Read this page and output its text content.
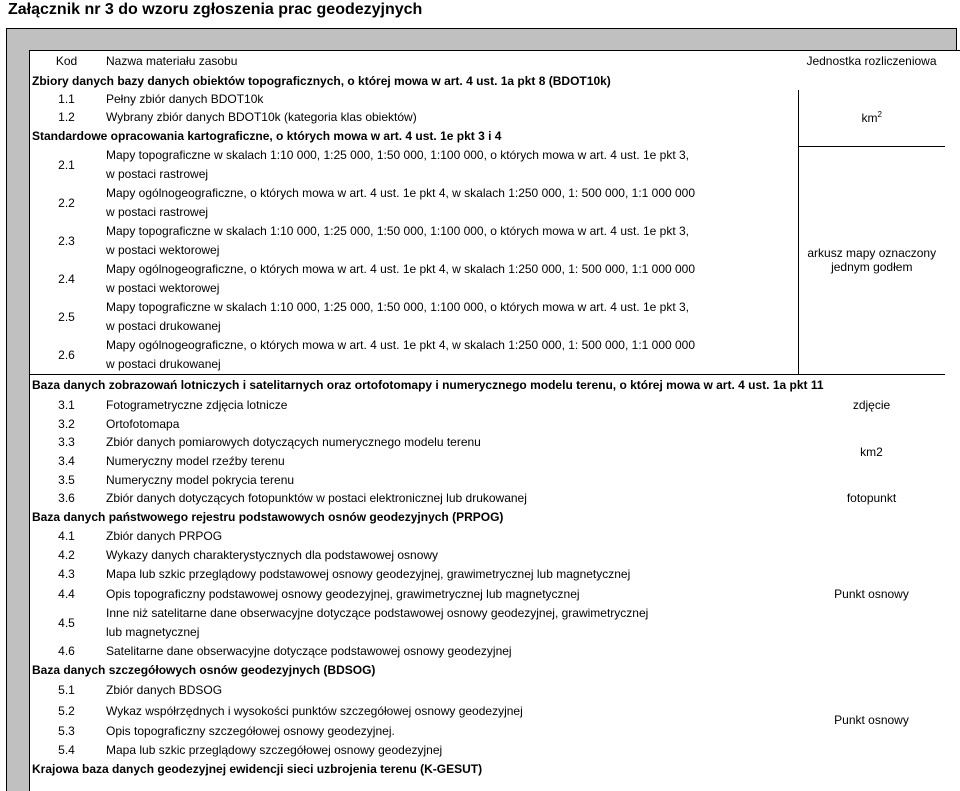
Załącznik nr 3 do wzoru zgłoszenia prac geodezyjnych
Kod	Nazwa materiału zasobu	Jednostka rozliczeniowa
Zbiory danych bazy danych obiektów topograficznych, o której mowa w art. 4 ust. 1a pkt 8 (BDOT10k)		
1.1	Pełny zbiór danych BDOT10k	$km^2$
1.2	Wybrany zbiór danych BDOT10k (kategoria klas obiektów)	
Standardowe opracowania kartograficzne, o których mowa w art. 4 ust. 1e pkt 3 i 4		
2.1	Mapy topograficzne w skalach 1:10 000, 1:25 000, 1:50 000, 1:100 000, o których mowa w art. 4 ust. 1e pkt 3,
w postaci rastrowej	arkusz mapy oznaczony jednym godłem
2.2	Mapy ogólnogeograficzne, o których mowa w art. 4 ust. 1e pkt 4, w skalach 1:250 000, 1: 500 000, 1:1 000 000
w postaci rastrowej	

2.3	Mapy topograficzne w skalach 1:10 000, 1:25 000, 1:50 000, 1:100 000, o których mowa w art. 4 ust. 1e pkt 3,
w postaci wektorowej	

2.4	Mapy ogólnogeograficzne, o których mowa w art. 4 ust. 1e pkt 4, w skalach 1:250 000, 1: 500 000, 1:1 000 000
w postaci wektorowej	

2.5	Mapy topograficzne w skalach 1:10 000, 1:25 000, 1:50 000, 1:100 000, o których mowa w art. 4 ust. 1e pkt 3,
w postaci drukowanej	

2.6	Mapy ogólnogeograficzne, o których mowa w art. 4 ust. 1e pkt 4, w skalach 1:250 000, 1: 500 000, 1:1 000 000
w postaci drukowanej	

Baza danych zobrazowań lotniczych i satelitarnych oraz ortofotomapy i numerycznego modelu terenu, o której mowa w art. 4 ust. 1a pkt 11		
3.1	Fotogrametryczne zdjęcia lotnicze	zdjęcie
3.2	Ortofotomapa	km2
3.3	Zbiór danych pomiarowych dotyczących numerycznego modelu terenu	
3.4	Numeryczny model rzeźby terenu	
3.5	Numeryczny model pokrycia terenu	
3.6	Zbiór danych dotyczących fotopunktów w postaci elektronicznej lub drukowanej	fotopunkt
Baza danych państwowego rejestru podstawowych osnów geodezyjnych (PRPOG)		
4.1	Zbiór danych PRPOG	Punkt osnowy
4.2	Wykazy danych charakterystycznych dla podstawowej osnowy	
4.3	Mapa lub szkic przeglądowy podstawowej osnowy geodezyjnej, grawimetrycznej lub magnetycznej	
4.4	Opis topograficzny podstawowej osnowy geodezyjnej, grawimetrycznej lub magnetycznej	
4.5	Inne niż satelitarne dane obserwacyjne dotyczące podstawowej osnowy geodezyjnej, grawimetrycznej
lub magnetycznej	

4.6	Satelitarne dane obserwacyjne dotyczące podstawowej osnowy geodezyjnej	
Baza danych szczegółowych osnów geodezyjnych (BDSOG)		
5.1	Zbiór danych BDSOG	Punkt osnowy
5.2	Wykaz współrzędnych i wysokości punktów szczegółowej osnowy geodezyjnej	
5.3	Opis topograficzny szczegółowej osnowy geodezyjnej.	
5.4	Mapa lub szkic przeglądowy szczegółowej osnowy geodezyjnej	
Krajowa baza danych geodezyjnej ewidencji sieci uzbrojenia terenu (K-GESUT)		
